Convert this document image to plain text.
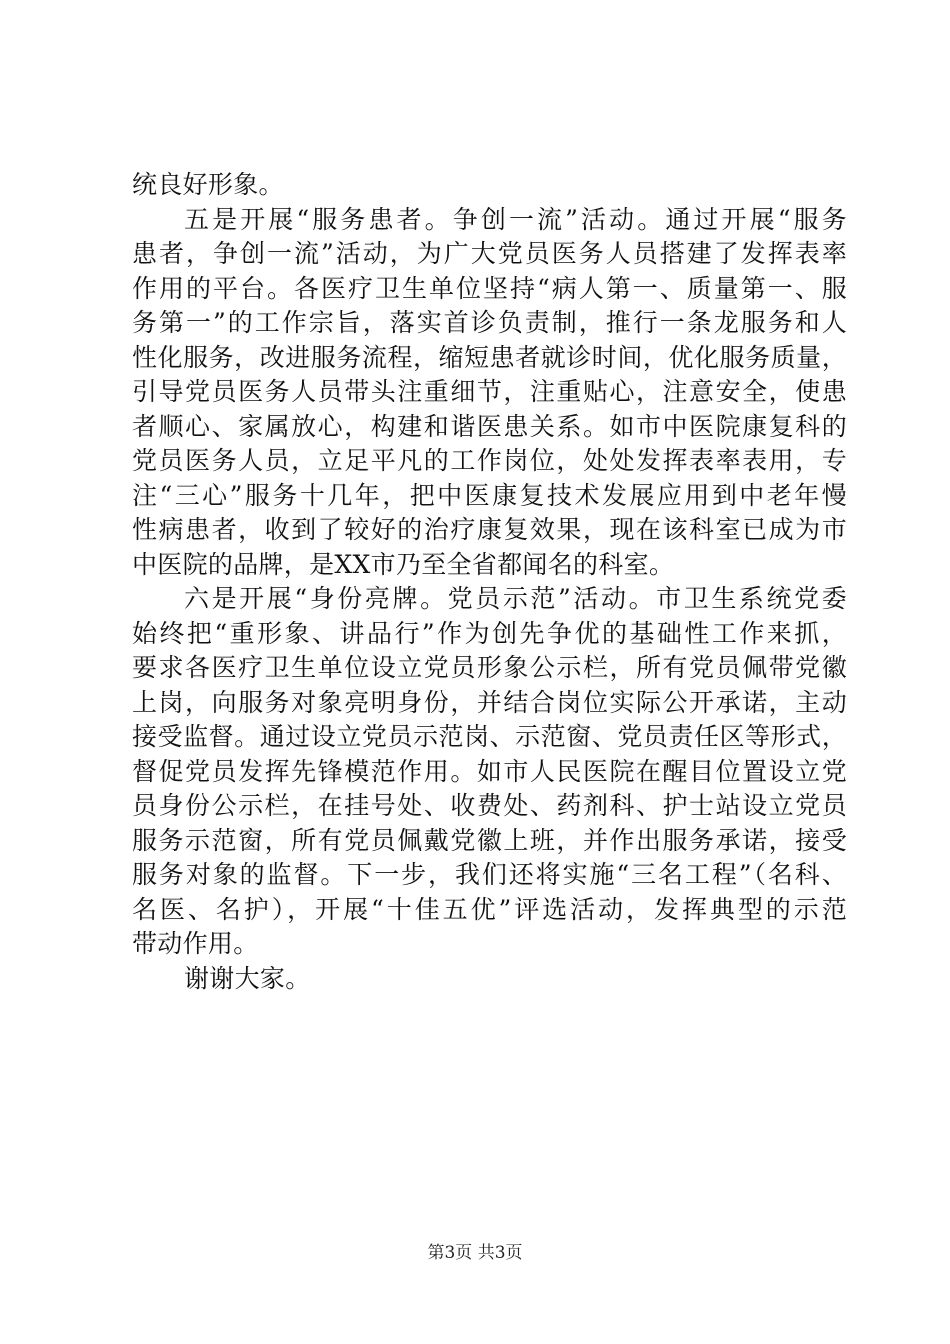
统良好形象。
五是开展“服务患者。争创一流”活动。通过开展“服务
患者，争创一流”活动，为广大党员医务人员搭建了发挥表率
作用的平台。各医疗卫生单位坚持“病人第一、质量第一、服
务第一”的工作宗旨，落实首诊负责制，推行一条龙服务和人
性化服务，改进服务流程，缩短患者就诊时间，优化服务质量，
引导党员医务人员带头注重细节，注重贴心，注意安全，使患
者顺心、家属放心，构建和谐医患关系。如市中医院康复科的
党员医务人员，立足平凡的工作岗位，处处发挥表率表用，专
注“三心”服务十几年，把中医康复技术发展应用到中老年慢
性病患者，收到了较好的治疗康复效果，现在该科室已成为市
中医院的品牌，是XX市乃至全省都闻名的科室。
六是开展“身份亮牌。党员示范”活动。市卫生系统党委
始终把“重形象、讲品行”作为创先争优的基础性工作来抓，
要求各医疗卫生单位设立党员形象公示栏，所有党员佩带党徽
上岗，向服务对象亮明身份，并结合岗位实际公开承诺，主动
接受监督。通过设立党员示范岗、示范窗、党员责任区等形式，
督促党员发挥先锋模范作用。如市人民医院在醒目位置设立党
员身份公示栏，在挂号处、收费处、药剂科、护士站设立党员
服务示范窗，所有党员佩戴党徽上班，并作出服务承诺，接受
服务对象的监督。下一步，我们还将实施“三名工程”（名科、
名医、名护），开展“十佳五优”评选活动，发挥典型的示范
带动作用。
谢谢大家。
第3页 共3页
